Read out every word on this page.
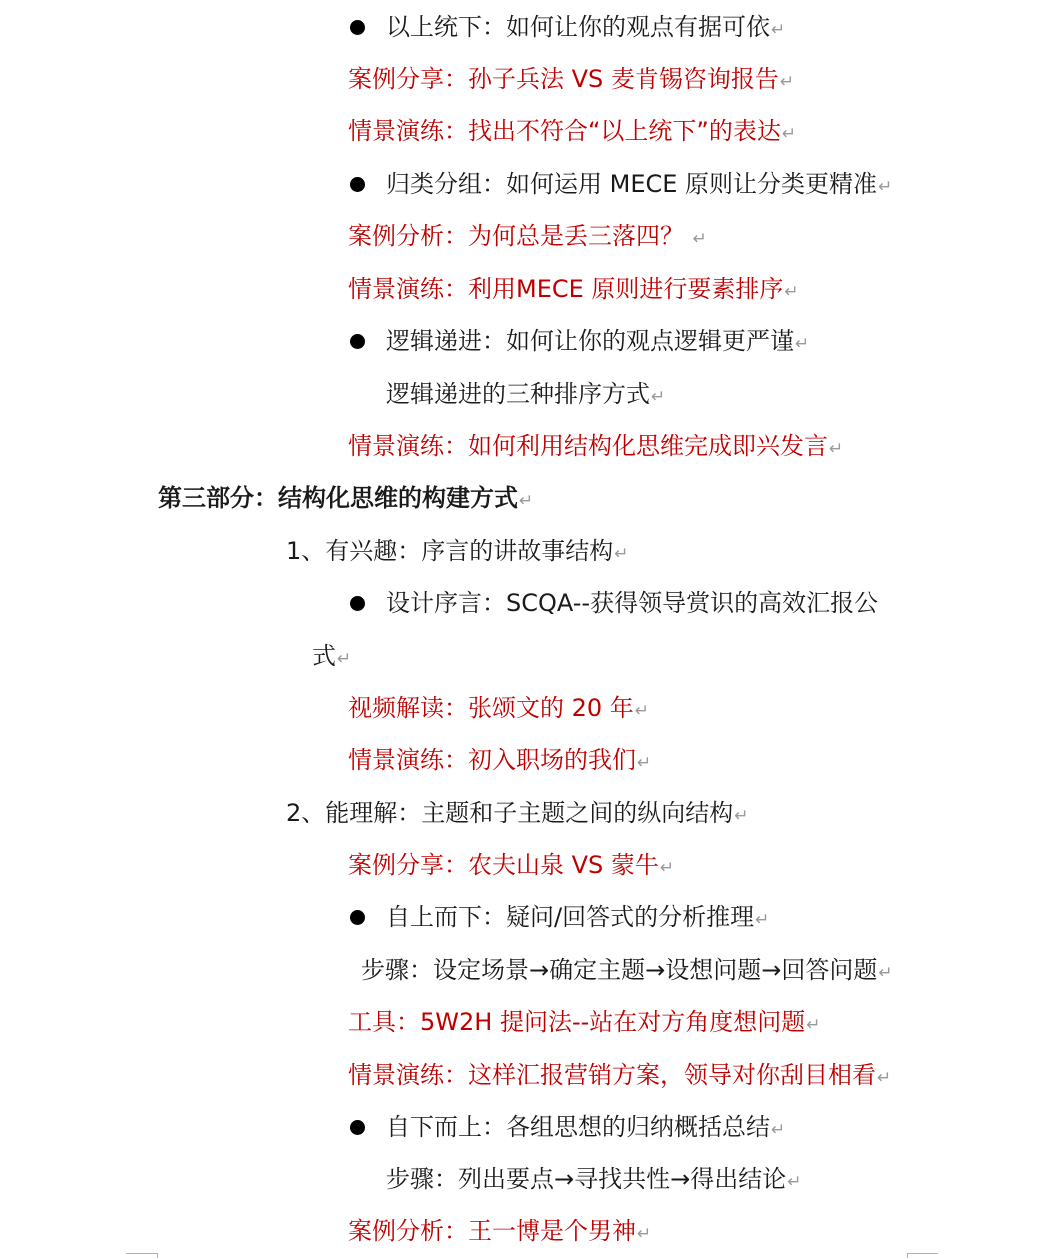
以上统下：如何让你的观点有据可依↵
案例分享：孙子兵法 VS 麦肯锡咨询报告↵
情景演练：找出不符合“以上统下”的表达↵
归类分组：如何运用 MECE 原则让分类更精准↵
案例分析：为何总是丢三落四？ ↵
情景演练：利用MECE 原则进行要素排序↵
逻辑递进：如何让你的观点逻辑更严谨↵
逻辑递进的三种排序方式↵
情景演练：如何利用结构化思维完成即兴发言↵
第三部分：结构化思维的构建方式↵
1、有兴趣：序言的讲故事结构↵
设计序言：SCQA--获得领导赏识的高效汇报公
式↵
视频解读：张颂文的 20 年↵
情景演练：初入职场的我们↵
2、能理解：主题和子主题之间的纵向结构↵
案例分享：农夫山泉 VS 蒙牛↵
自上而下：疑问/回答式的分析推理↵
步骤：设定场景→确定主题→设想问题→回答问题↵
工具：5W2H 提问法--站在对方角度想问题↵
情景演练：这样汇报营销方案，领导对你刮目相看↵
自下而上：各组思想的归纳概括总结↵
步骤：列出要点→寻找共性→得出结论↵
案例分析：王一博是个男神↵
